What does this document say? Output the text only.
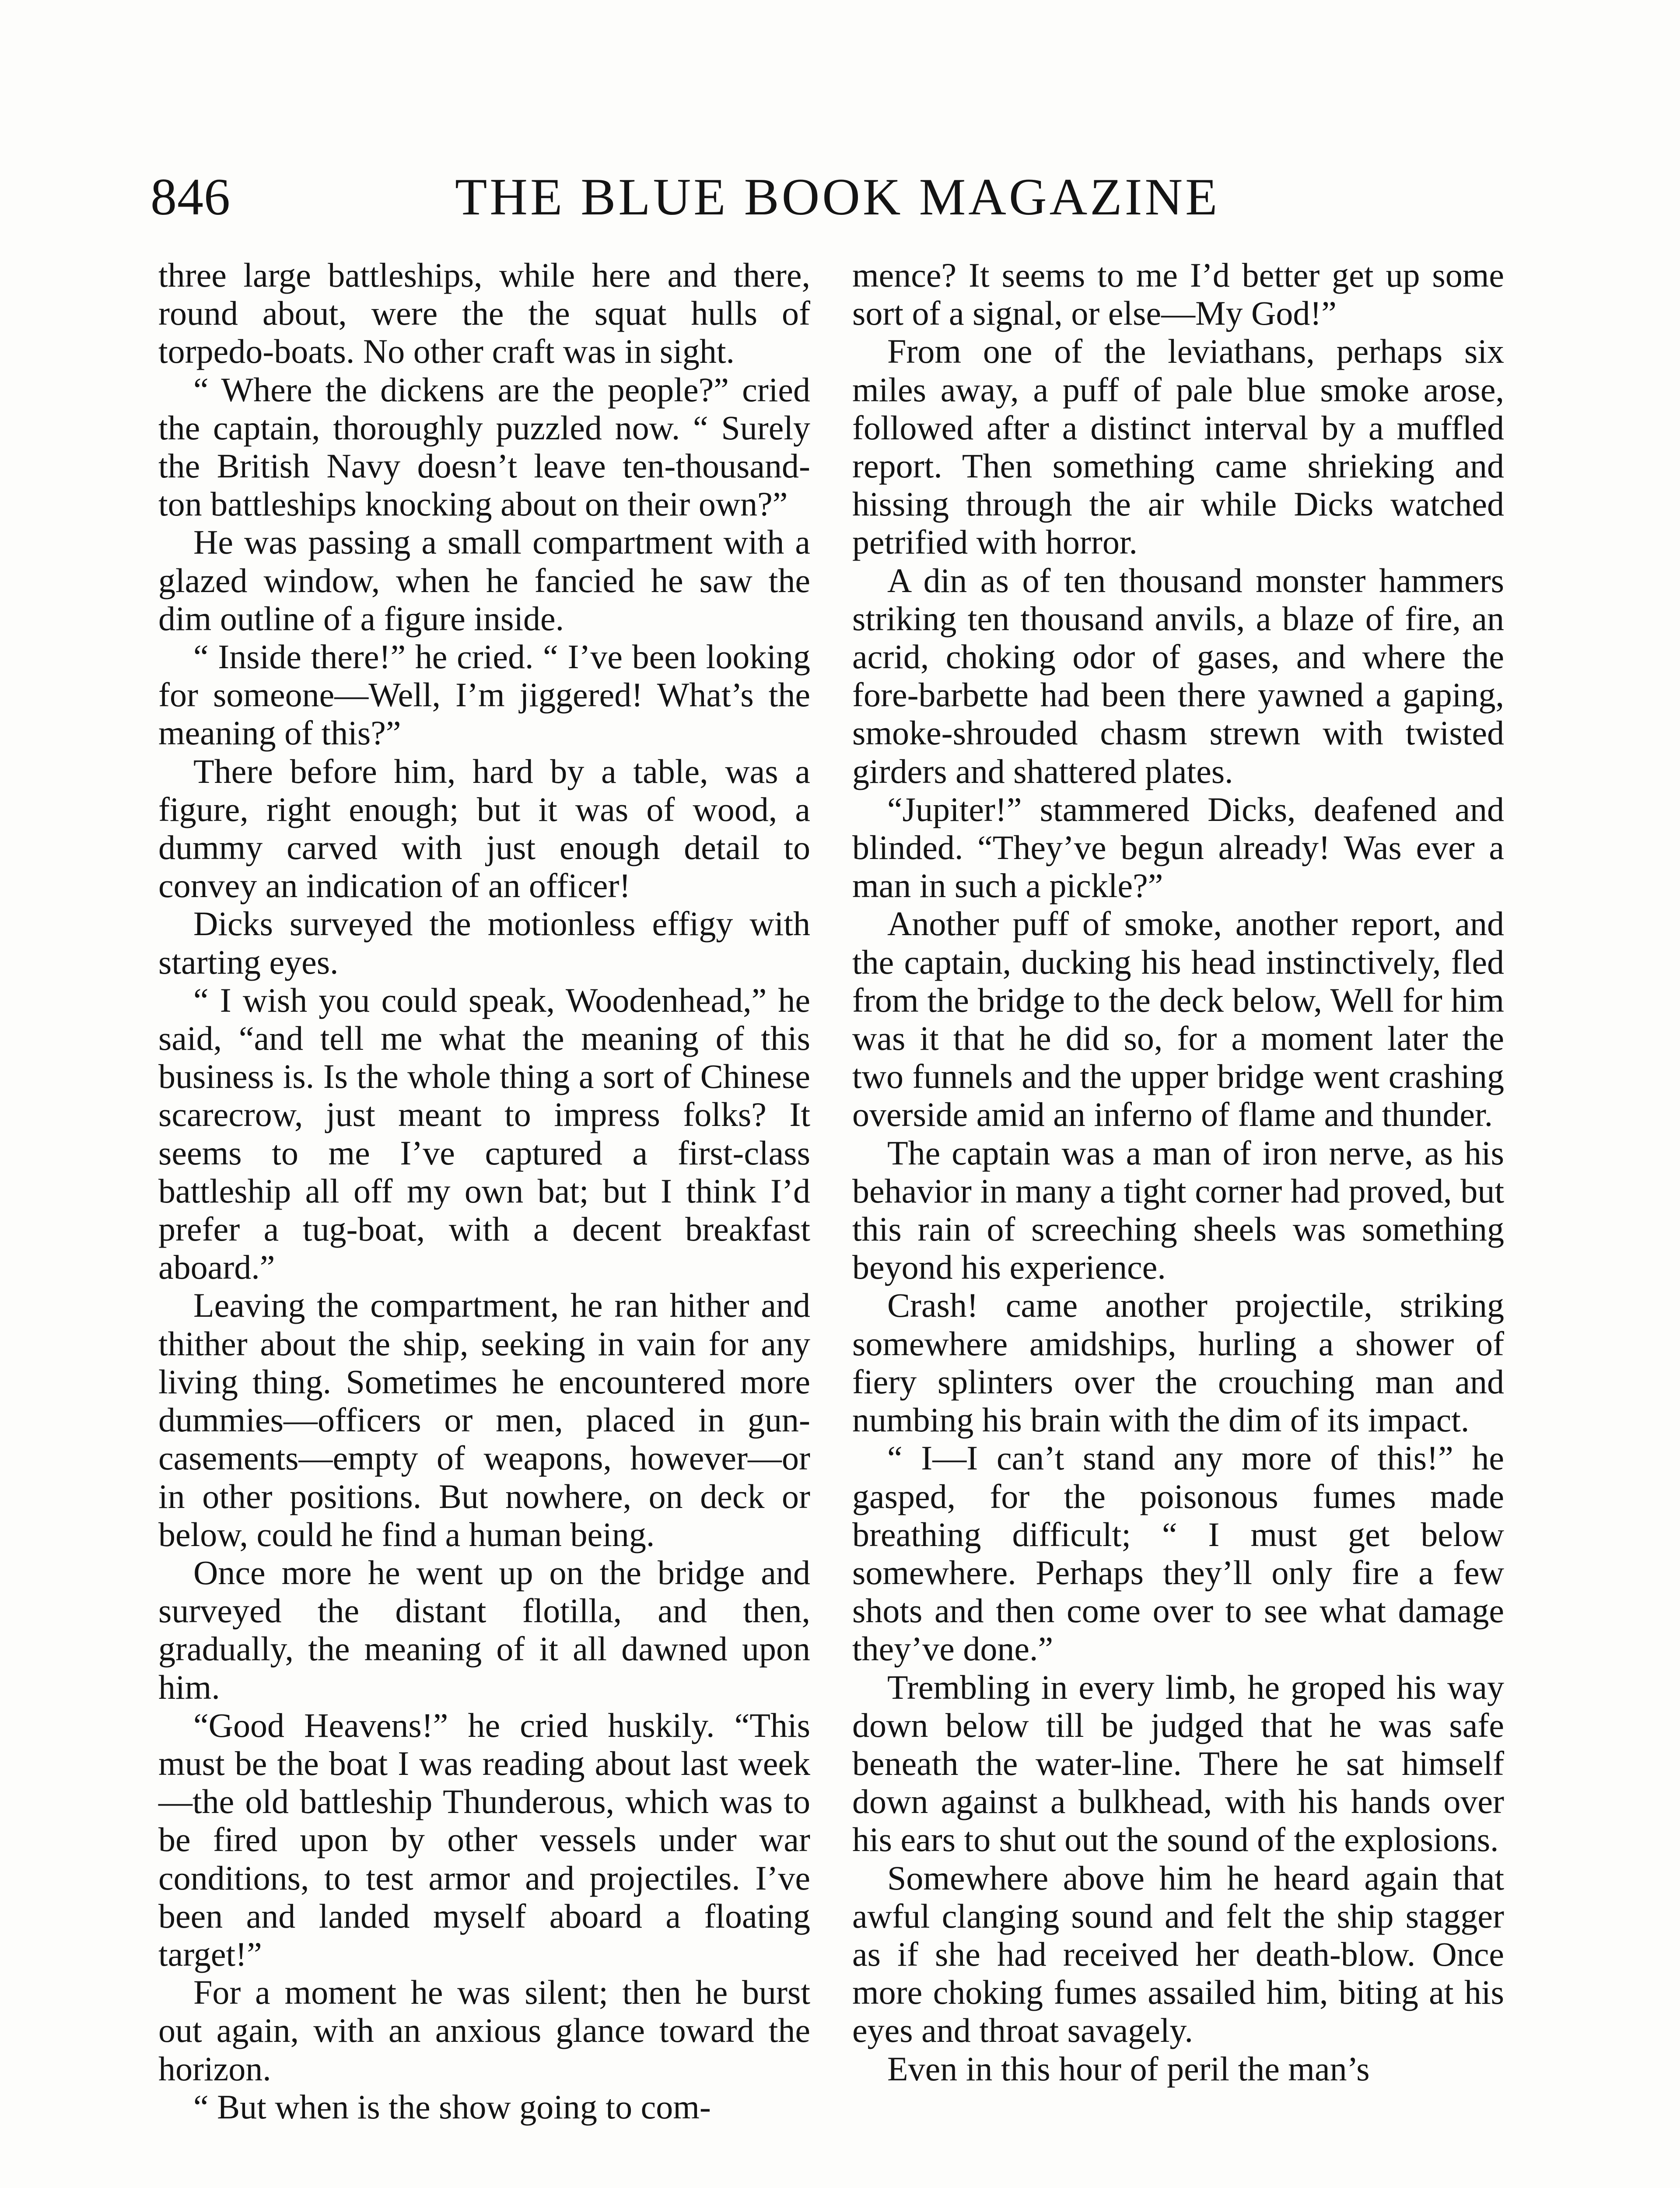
846	THE BLUE BOOK MAGAZINE

three large battleships, while here and there, round about, were the the squat hulls of torpedo-boats. No other craft was in sight.

“ Where the dickens are the people?” cried the captain, thoroughly puzzled now. “ Surely the British Navy doesn’t leave ten-thousand-ton battleships knocking about on their own?”

He was passing a small compartment with a glazed window, when he fancied he saw the dim outline of a figure inside.

“ Inside there!” he cried. “ I’ve been looking for someone—Well, I’m jiggered! What’s the meaning of this?”

There before him, hard by a table, was a figure, right enough; but it was of wood, a dummy carved with just enough detail to convey an indication of an officer!

Dicks surveyed the motionless effigy with starting eyes.

“ I wish you could speak, Woodenhead,” he said, “and tell me what the meaning of this business is. Is the whole thing a sort of Chinese scarecrow, just meant to impress folks? It seems to me I’ve captured a first-class battleship all off my own bat; but I think I’d prefer a tug-boat, with a decent breakfast aboard.”

Leaving the compartment, he ran hither and thither about the ship, seeking in vain for any living thing. Sometimes he encountered more dummies—officers or men, placed in gun-casements—empty of weapons, however—or in other positions. But nowhere, on deck or below, could he find a human being.

Once more he went up on the bridge and surveyed the distant flotilla, and then, gradually, the meaning of it all dawned upon him.

“Good Heavens!” he cried huskily. “This must be the boat I was reading about last week—the old battleship Thunderous, which was to be fired upon by other vessels under war conditions, to test armor and projectiles. I’ve been and landed myself aboard a floating target!”

For a moment he was silent; then he burst out again, with an anxious glance toward the horizon.

“ But when is the show going to com-

mence? It seems to me I’d better get up some sort of a signal, or else—My God!”

From one of the leviathans, perhaps six miles away, a puff of pale blue smoke arose, followed after a distinct interval by a muffled report. Then something came shrieking and hissing through the air while Dicks watched petrified with horror.

A din as of ten thousand monster hammers striking ten thousand anvils, a blaze of fire, an acrid, choking odor of gases, and where the fore-barbette had been there yawned a gaping, smoke-shrouded chasm strewn with twisted girders and shattered plates.

“Jupiter!” stammered Dicks, deafened and blinded. “They’ve begun already! Was ever a man in such a pickle?”

Another puff of smoke, another report, and the captain, ducking his head instinctively, fled from the bridge to the deck below, Well for him was it that he did so, for a moment later the two funnels and the upper bridge went crashing overside amid an inferno of flame and thunder.

The captain was a man of iron nerve, as his behavior in many a tight corner had proved, but this rain of screeching sheels was something beyond his experience.

Crash! came another projectile, striking somewhere amidships, hurling a shower of fiery splinters over the crouching man and numbing his brain with the dim of its impact.

“ I—I can’t stand any more of this!” he gasped, for the poisonous fumes made breathing difficult; “ I must get below somewhere. Perhaps they’ll only fire a few shots and then come over to see what damage they’ve done.”

Trembling in every limb, he groped his way down below till be judged that he was safe beneath the water-line. There he sat himself down against a bulkhead, with his hands over his ears to shut out the sound of the explosions.

Somewhere above him he heard again that awful clanging sound and felt the ship stagger as if she had received her death-blow. Once more choking fumes assailed him, biting at his eyes and throat savagely.

Even in this hour of peril the man’s
